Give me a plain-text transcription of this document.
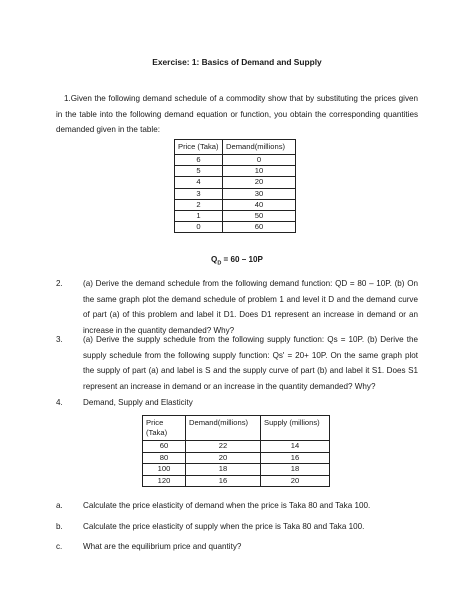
Exercise: 1: Basics of Demand and Supply
1.Given the following demand schedule of a commodity show that by substituting the prices given in the table into the following demand equation or function, you obtain the corresponding quantities demanded given in the table:
Price (Taka)	Demand(millions)
6	0
5	10
4	20
3	30
2	40
1	50
0	60
$Q_D = 60 - 10P$
2. (a) Derive the demand schedule from the following demand function: QD = 80 – 10P. (b) On the same graph plot the demand schedule of problem 1 and level it D and the demand curve of part (a) of this problem and label it D1. Does D1 represent an increase in demand or an increase in the quantity demanded? Why?
3. (a) Derive the supply schedule from the following supply function: Qs = 10P. (b) Derive the supply schedule from the following supply function: Qs' = 20+ 10P. On the same graph plot the supply of part (a) and label is S and the supply curve of part (b) and label it S1. Does S1 represent an increase in demand or an increase in the quantity demanded? Why?
4. Demand, Supply and Elasticity
Price (Taka)	Demand(millions)	Supply (millions)
60	22	14
80	20	16
100	18	18
120	16	20
a. Calculate the price elasticity of demand when the price is Taka 80 and Taka 100.
b. Calculate the price elasticity of supply when the price is Taka 80 and Taka 100.
c.	What are the equilibrium price and quantity?
